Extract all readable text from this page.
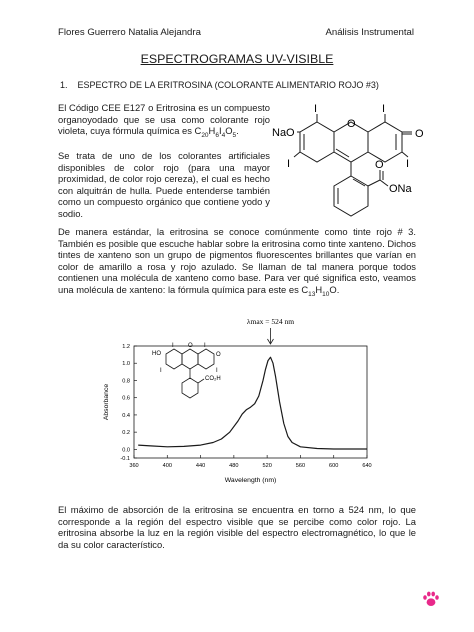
Flores Guerrero Natalia Alejandra	Análisis Instrumental
ESPECTROGRAMAS UV-VISIBLE
1. ESPECTRO DE LA ERITROSINA (COLORANTE ALIMENTARIO ROJO #3)
El Código CEE E127 o Eritrosina es un compuesto organoyodado que se usa como colorante rojo violeta, cuya fórmula química es $C_{20}H_6I_4O_5$.
Se trata de uno de los colorantes artificiales disponibles de color rojo (para una mayor proximidad, de color rojo cereza), el cual es hecho con alquitrán de hulla. Puede entenderse también como un compuesto orgánico que contiene yodo y sodio.
NaO
O
O
I	I
I	I
O
ONa
De manera estándar, la eritrosina se conoce comúnmente como tinte rojo # 3. También es posible que escuche hablar sobre la eritrosina como tinte xanteno. Dichos tintes de xanteno son un grupo de pigmentos fluorescentes brillantes que varían en color de amarillo a rosa y rojo azulado. Se llaman de tal manera porque todos contienen una molécula de xanteno como base. Para ver qué significa esto, veamos una molécula de xanteno: la fórmula química para este es $C_{13}H_{10}O$.
HO
O
O
I	I
I	I
CO₂H
360	400	440	480	520	560	600	640
-0.1
0.0
0.2
0.4
0.6
0.8
1.0
1.2
Wavelength (nm)
Absorbance
λmax = 524 nm
El máximo de absorción de la eritrosina se encuentra en torno a 524 nm, lo que corresponde a la región del espectro visible que se percibe como color rojo. La eritrosina absorbe la luz en la región visible del espectro electromagnético, lo que le da su color característico.
